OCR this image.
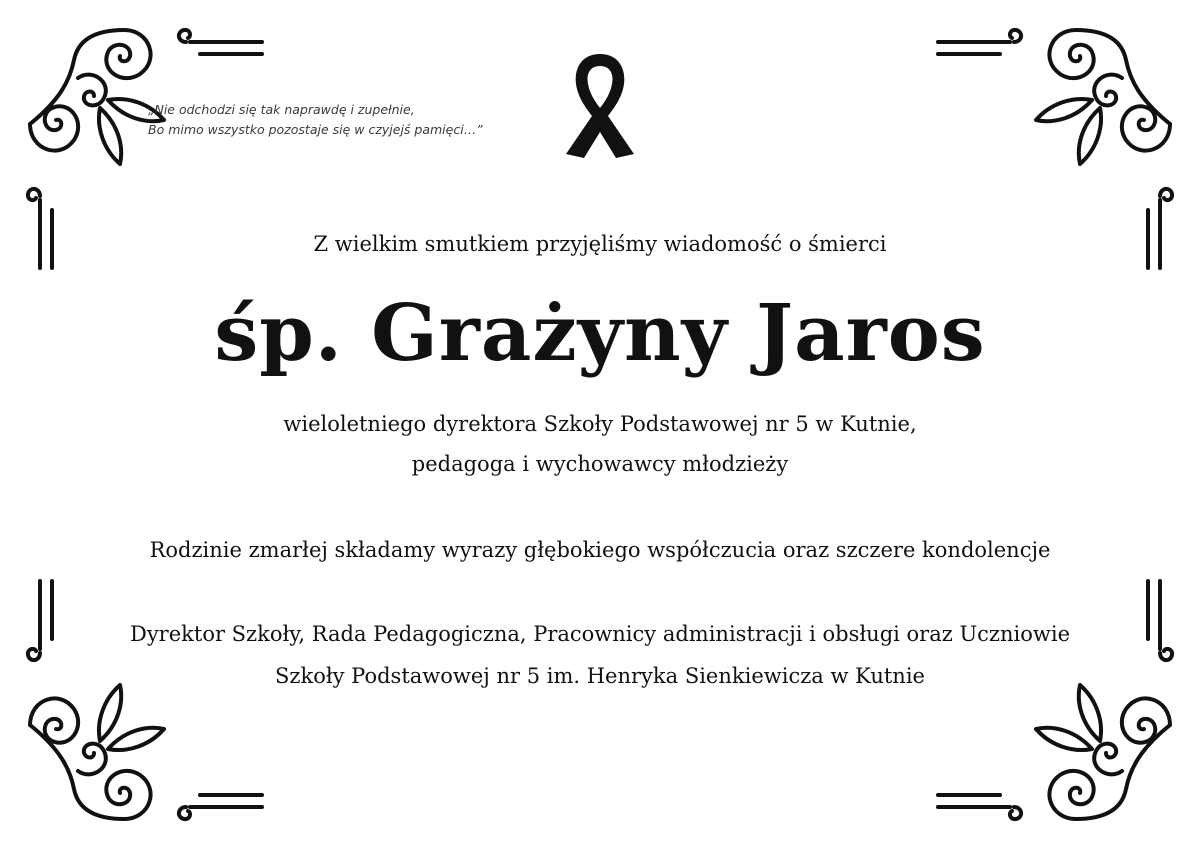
„Nie odchodzi się tak naprawdę i zupełnie,
Bo mimo wszystko pozostaje się w czyjejś pamięci…”
Z wielkim smutkiem przyjęliśmy wiadomość o śmierci
śp. Grażyny Jaros
wieloletniego dyrektora Szkoły Podstawowej nr 5 w Kutnie,
pedagoga i wychowawcy młodzieży
Rodzinie zmarłej składamy wyrazy głębokiego współczucia oraz szczere kondolencje
Dyrektor Szkoły, Rada Pedagogiczna, Pracownicy administracji i obsługi oraz Uczniowie
Szkoły Podstawowej nr 5 im. Henryka Sienkiewicza w Kutnie
